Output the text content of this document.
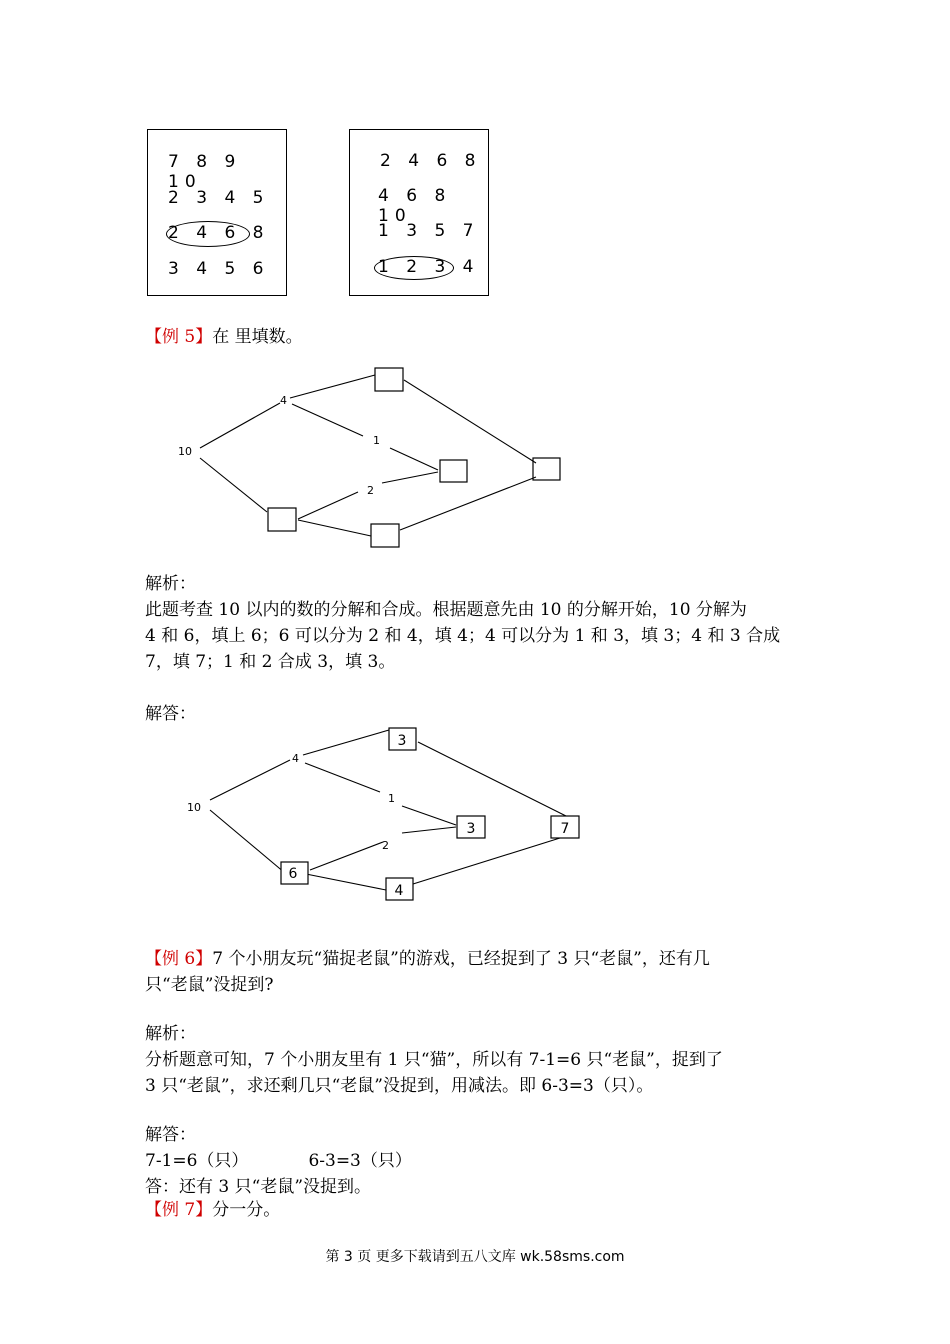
7 8 9 10
2 3 4 5
2 4 6 8
3 4 5 6
2 4 6 8
4 6 8 10
1 3 5 7
1 2 3 4
【例 5】在 里填数。
10
4
1
2
解析：
此题考查 10 以内的数的分解和合成。根据题意先由 10 的分解开始，10 分解为
4 和 6，填上 6；6 可以分为 2 和 4，填 4；4 可以分为 1 和 3，填 3；4 和 3 合成
7，填 7；1 和 2 合成 3，填 3。
解答：
3
3	7
6
4
10
4
1
2
【例 6】7 个小朋友玩“猫捉老鼠”的游戏，已经捉到了 3 只“老鼠”，还有几
只“老鼠”没捉到?
解析：
分析题意可知，7 个小朋友里有 1 只“猫”，所以有 7-1=6 只“老鼠”，捉到了
3 只“老鼠”，求还剩几只“老鼠”没捉到，用减法。即 6-3=3（只）。
解答：
7-1=6（只）	6-3=3（只）
答：还有 3 只“老鼠”没捉到。
【例 7】分一分。
第 3 页 更多下载请到五八文库 wk.58sms.com
